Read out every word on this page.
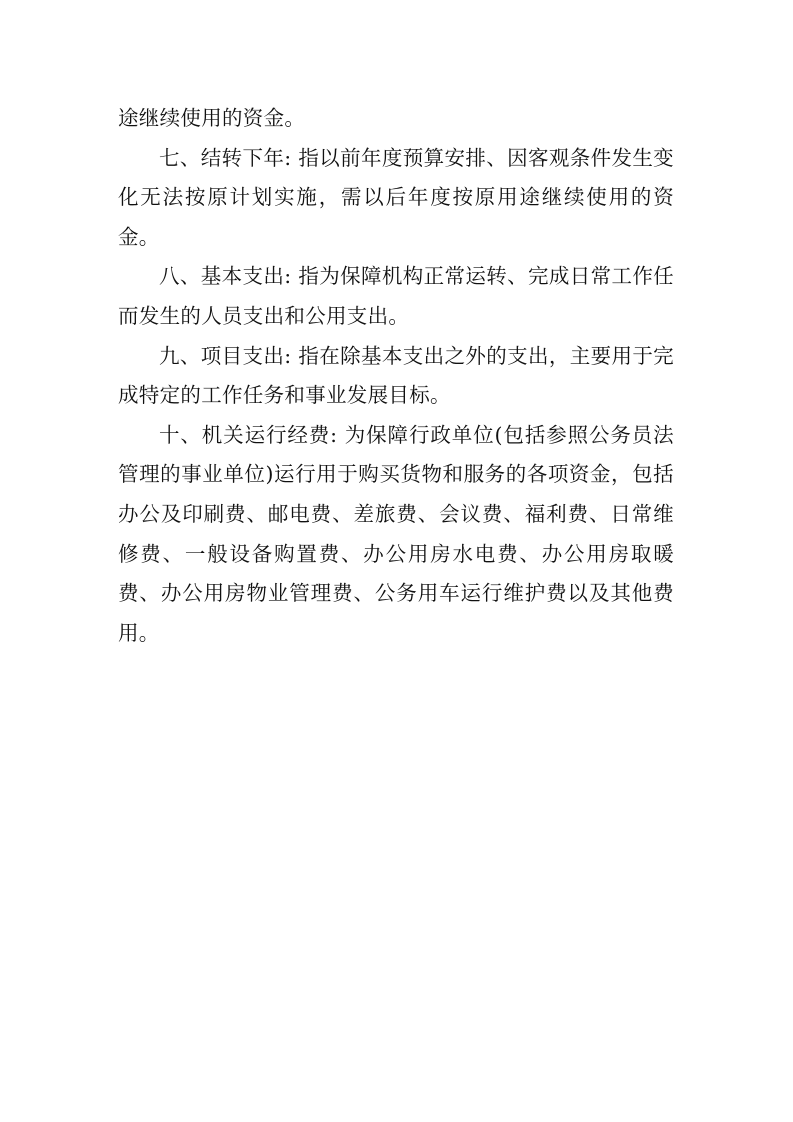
途继续使用的资金。

七、结转下年: 指以前年度预算安排、因客观条件发生变化无法按原计划实施，需以后年度按原用途继续使用的资金。

八、基本支出: 指为保障机构正常运转、完成日常工作任而发生的人员支出和公用支出。

九、项目支出: 指在除基本支出之外的支出，主要用于完成特定的工作任务和事业发展目标。

十、机关运行经费: 为保障行政单位(包括参照公务员法管理的事业单位)运行用于购买货物和服务的各项资金，包括办公及印刷费、邮电费、差旅费、会议费、福利费、日常维修费、一般设备购置费、办公用房水电费、办公用房取暖费、办公用房物业管理费、公务用车运行维护费以及其他费用。
